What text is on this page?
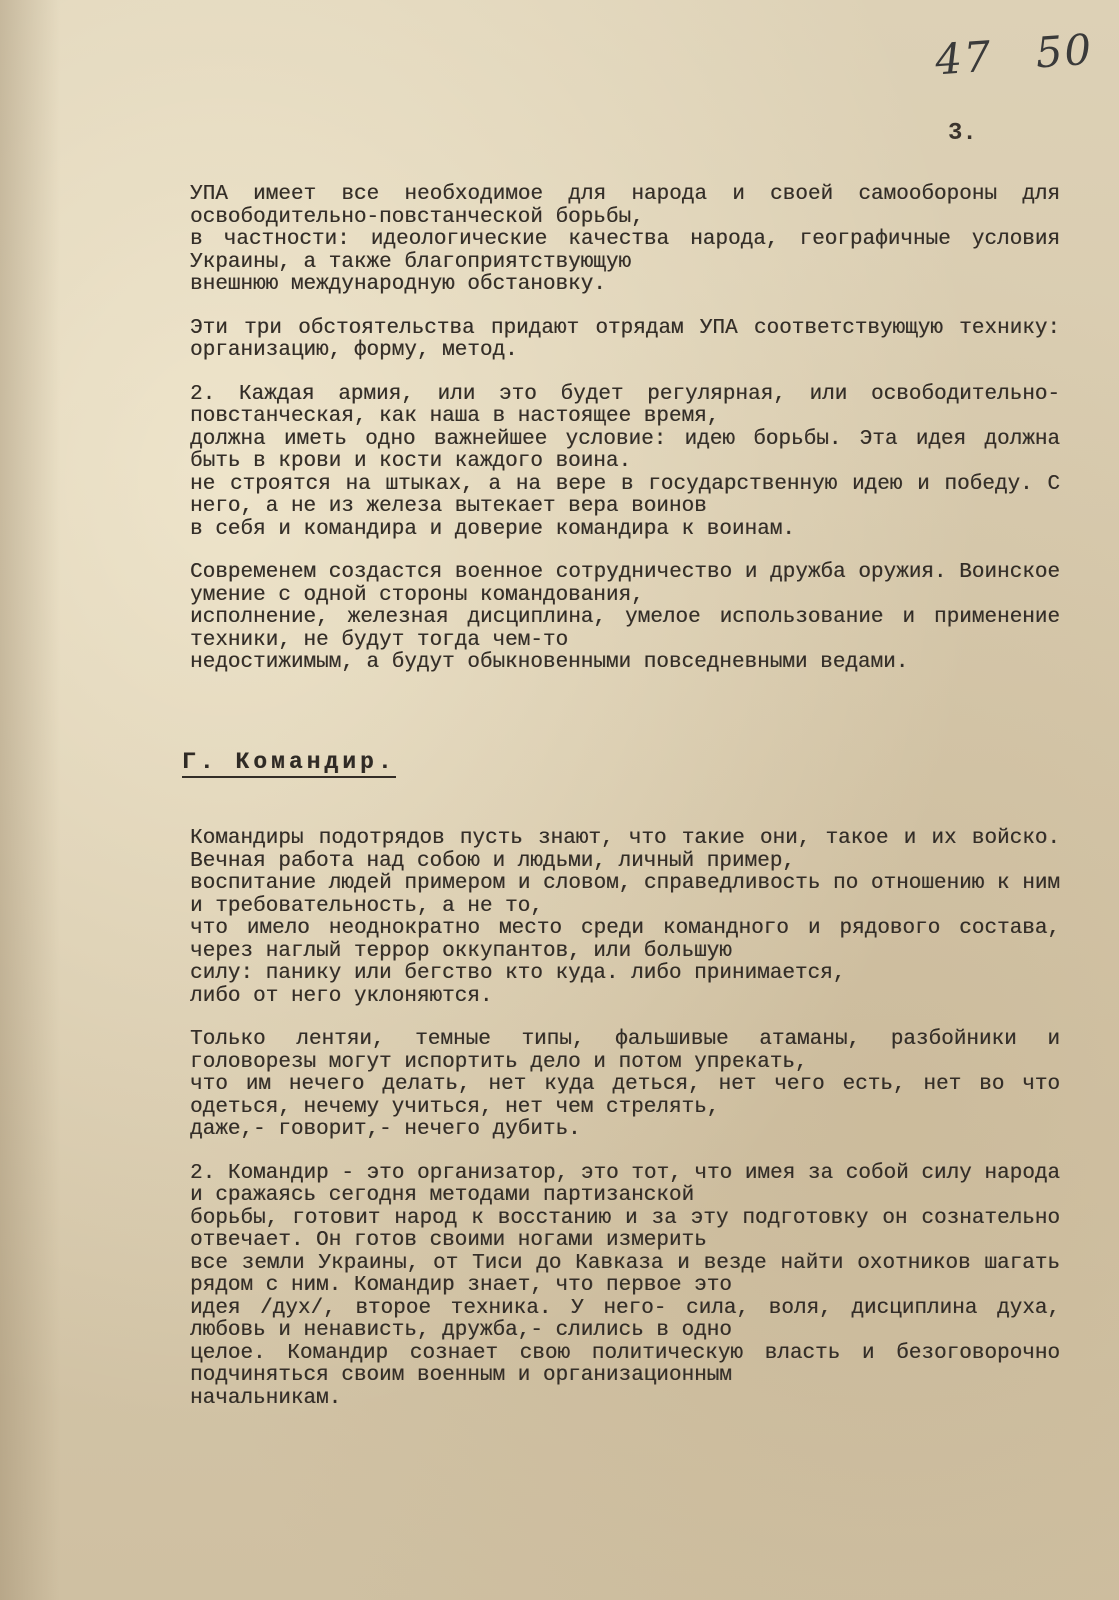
47 50
3.

УПА имеет все необходимое для народа и своей самообороны для освободительно-повстанческой борьбы,
в частности: идеологические качества народа, географичные условия Украины, а также благоприятствующую
внешнюю международную обстановку.

Эти три обстоятельства придают отрядам УПА соответствующую технику: организацию, форму, метод.

2. Каждая армия, или это будет регулярная, или освободительно-повстанческая, как наша в настоящее время,
должна иметь одно важнейшее условие: идею борьбы. Эта идея должна быть в крови и кости каждого воина.
не строятся на штыках, а на вере в государственную идею и победу. С него, а не из железа вытекает вера воинов
в себя и командира и доверие командира к воинам.

Современем создастся военное сотрудничество и дружба оружия. Воинское умение с одной стороны командования,
исполнение, железная дисциплина, умелое использование и применение техники, не будут тогда чем-то
недостижимым, а будут обыкновенными повседневными ведами.

Г. Командир.

Командиры подотрядов пусть знают, что такие они, такое и их войско. Вечная работа над собою и людьми, личный пример,
воспитание людей примером и словом, справедливость по отношению к ним и требовательность, а не то,
что имело неоднократно место среди командного и рядового состава, через наглый террор оккупантов, или большую
силу: панику или бегство кто куда. либо принимается,
либо от него уклоняются.

Только лентяи, темные типы, фальшивые атаманы, разбойники и головорезы могут испортить дело и потом упрекать,
что им нечего делать, нет куда деться, нет чего есть, нет во что одеться, нечему учиться, нет чем стрелять,
даже,- говорит,- нечего дубить.

2. Командир - это организатор, это тот, что имея за собой силу народа и сражаясь сегодня методами партизанской
борьбы, готовит народ к восстанию и за эту подготовку он сознательно отвечает. Он готов своими ногами измерить
все земли Украины, от Тиси до Кавказа и везде найти охотников шагать рядом с ним. Командир знает, что первое это
идея /дух/, второе техника. У него- сила, воля, дисциплина духа, любовь и ненависть, дружба,- слились в одно
целое. Командир сознает свою политическую власть и безоговорочно подчиняться своим военным и организационным
начальникам.
